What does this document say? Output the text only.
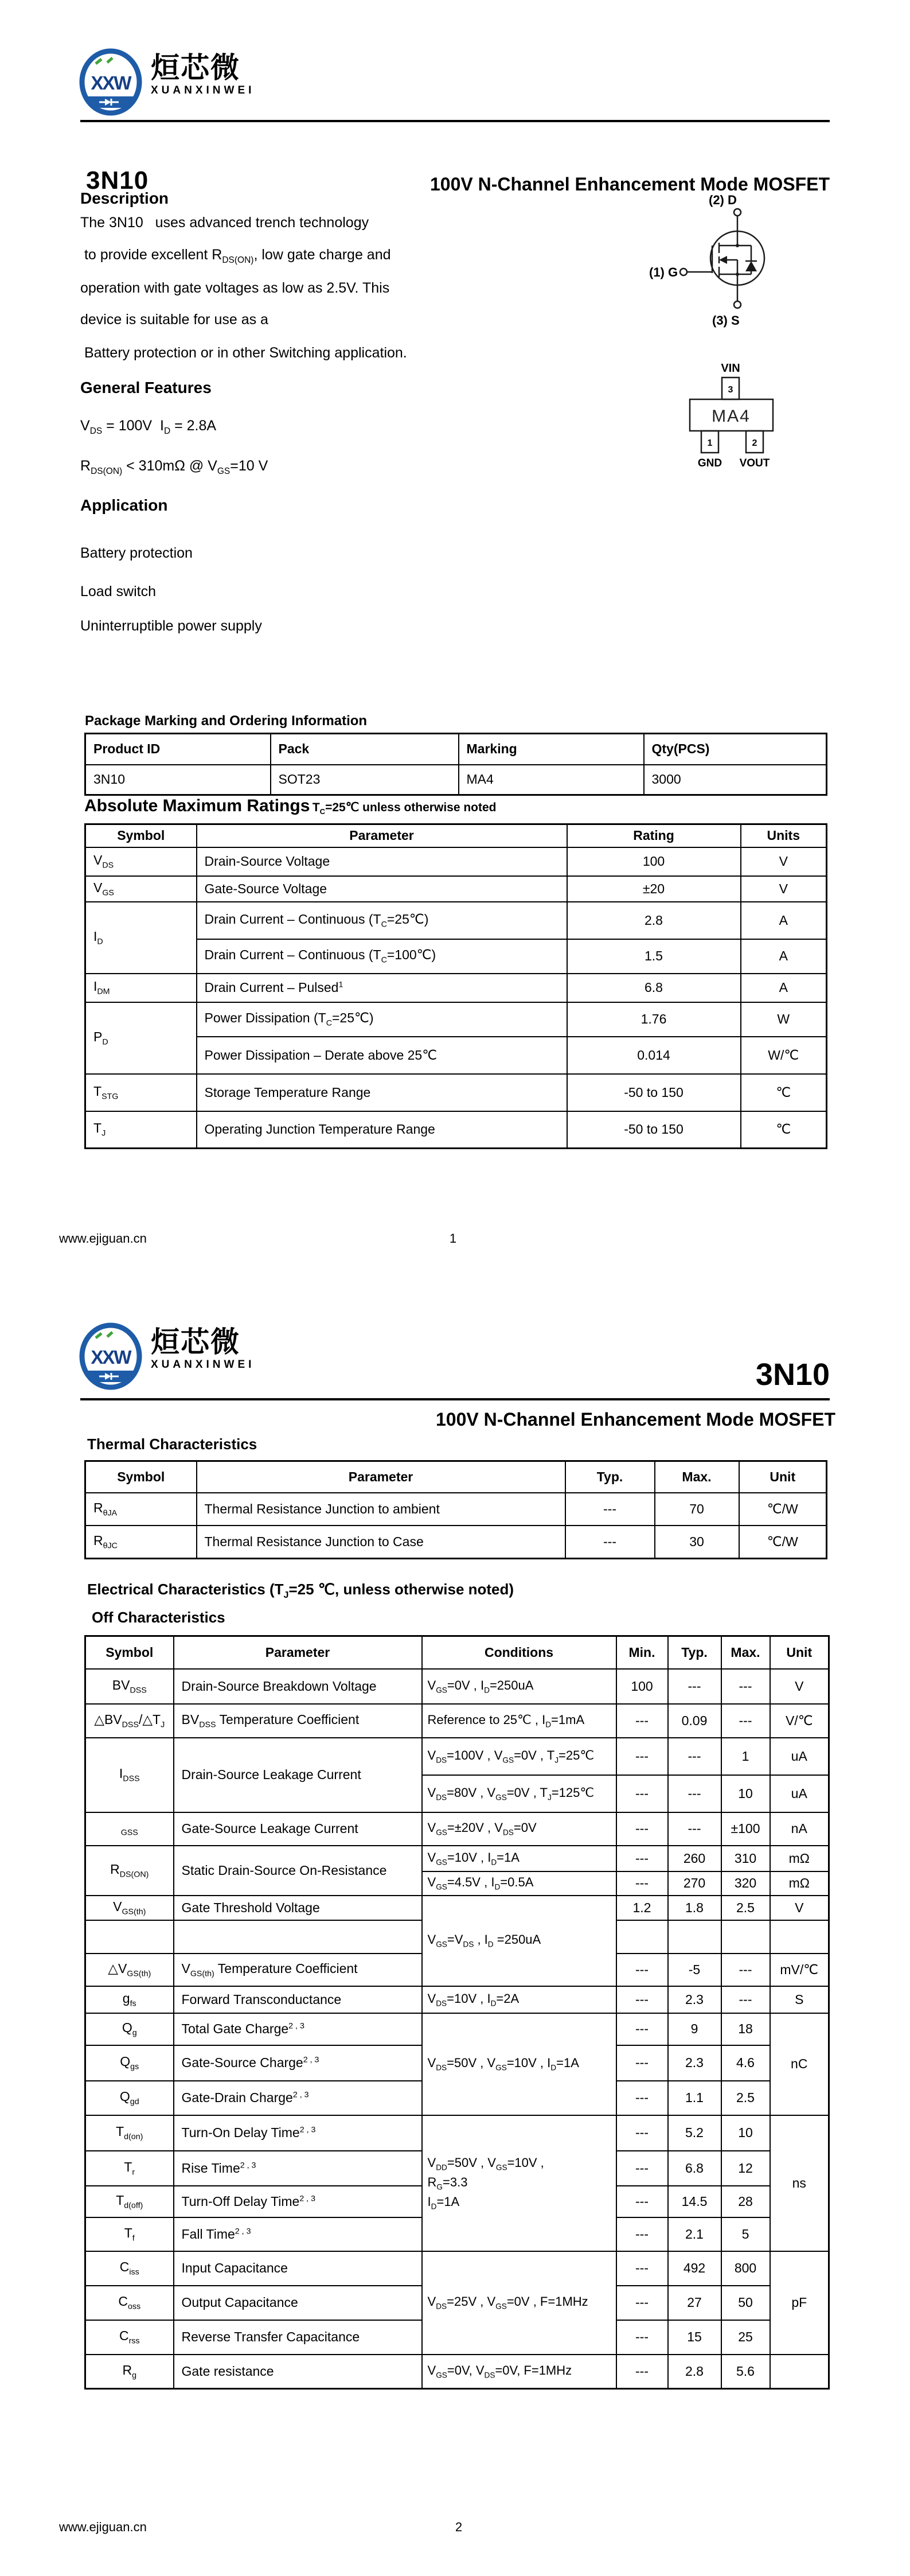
XXW 烜芯微
XUANXINWEI
3N10	100V N-Channel Enhancement Mode MOSFET
Description
The 3N10   uses advanced trench technology
to provide excellent $R_{DS(ON)}$, low gate charge and
operation with gate voltages as low as 2.5V. This
device is suitable for use as a
Battery protection or in other Switching application.
General Features
$V_{DS} = 100V$  $I_D = 2.8A$
$R_{DS(ON)} < 310m\Omega$ @ $V_{GS}=10$ V
Application
Battery protection
Load switch
Uninterruptible power supply
(2) D
(1) G
(3) S
VIN
3
MA4
1	2
GND VOUT
Package Marking and Ordering Information
Product ID	Pack	Marking	Qty(PCS)
3N10	SOT23	MA4	3000
Absolute Maximum Ratings $T_C=25℃$ unless otherwise noted
Symbol	Parameter	Rating	Units
$V_{DS}$	Drain-Source Voltage	100	V
$V_{GS}$	Gate-Source Voltage	±20	V
$I_D$	Drain Current – Continuous $(T_C=25℃)$	2.8	A
	Drain Current – Continuous $(T_C=100℃)$	1.5	A
$I_{DM}$	Drain Current – Pulsed$^1$	6.8	A
$P_D$	Power Dissipation $(T_C=25℃)$	1.76	W
	Power Dissipation – Derate above 25℃	0.014	W/℃
$T_{STG}$	Storage Temperature Range	-50 to 150	℃
$T_J$	Operating Junction Temperature Range	-50 to 150	℃
www.ejiguan.cn	1
XXW 烜芯微
XUANXINWEI	3N10
100V N-Channel Enhancement Mode MOSFET
Thermal Characteristics
Symbol	Parameter	Typ.	Max.	Unit
$R_{\theta JA}$	Thermal Resistance Junction to ambient	---	70	℃/W
$R_{\theta JC}$	Thermal Resistance Junction to Case	---	30	℃/W
Electrical Characteristics ($T_J=25$ ℃, unless otherwise noted)
Off Characteristics
Symbol	Parameter	Conditions	Min.	Typ.	Max.	Unit
$BV_{DSS}$	Drain-Source Breakdown Voltage	$V_{GS}=0V$ , $I_D=250uA$	100	---	---	V
$\triangle BV_{DSS}/\triangle T_J$	$BV_{DSS}$ Temperature Coefficient	Reference to 25℃ , $I_D=1mA$	---	0.09	---	V/℃
$I_{DSS}$	Drain-Source Leakage Current	$V_{DS}=100V$ , $V_{GS}=0V$ , $T_J=25℃$	---	---	1	uA
		$V_{DS}=80V$ , $V_{GS}=0V$ , $T_J=125℃$	---	---	10	uA
$_{GSS}$	Gate-Source Leakage Current	$V_{GS}=\pm 20V$ , $V_{DS}=0V$	---	---	±100	nA
$R_{DS(ON)}$	Static Drain-Source On-Resistance	$V_{GS}=10V$ , $I_D=1A$	---	260	310	mΩ
		$V_{GS}=4.5V$ , $I_D=0.5A$	---	270	320	mΩ
$V_{GS(th)}$	Gate Threshold Voltage	$V_{GS}=V_{DS}$ , $I_D =250uA$	1.2	1.8	2.5	V

$\triangle V_{GS(th)}$	$V_{GS(th)}$ Temperature Coefficient		---	-5	---	mV/℃
$g_{fs}$	Forward Transconductance	$V_{DS}=10V$ , $I_D=2A$	---	2.3	---	S
$Q_g$	Total Gate Charge$^{2 , 3}$	$V_{DS}=50V$ , $V_{GS}=10V$ , $I_D=1A$	---	9	18	nC
$Q_{gs}$	Gate-Source Charge$^{2 , 3}$		---	2.3	4.6	
$Q_{gd}$	Gate-Drain Charge$^{2 , 3}$		---	1.1	2.5	
$T_{d(on)}$	Turn-On Delay Time$^{2 , 3}$	$V_{DD}=50V$ , $V_{GS}=10V$ ,
$R_G=3.3$
$I_D=1A$	---	5.2	10	ns
$T_r$	Rise Time$^{2 , 3}$		---	6.8	12	
$T_{d(off)}$	Turn-Off Delay Time$^{2 , 3}$		---	14.5	28	
$T_f$	Fall Time$^{2 , 3}$		---	2.1	5	
$C_{iss}$	Input Capacitance	$V_{DS}=25V$ , $V_{GS}=0V$ , F=1MHz	---	492	800	pF
$C_{oss}$	Output Capacitance		---	27	50	
$C_{rss}$	Reverse Transfer Capacitance		---	15	25	
$R_g$	Gate resistance	$V_{GS}=0V$, $V_{DS}=0V$, F=1MHz	---	2.8	5.6	
www.ejiguan.cn	2
